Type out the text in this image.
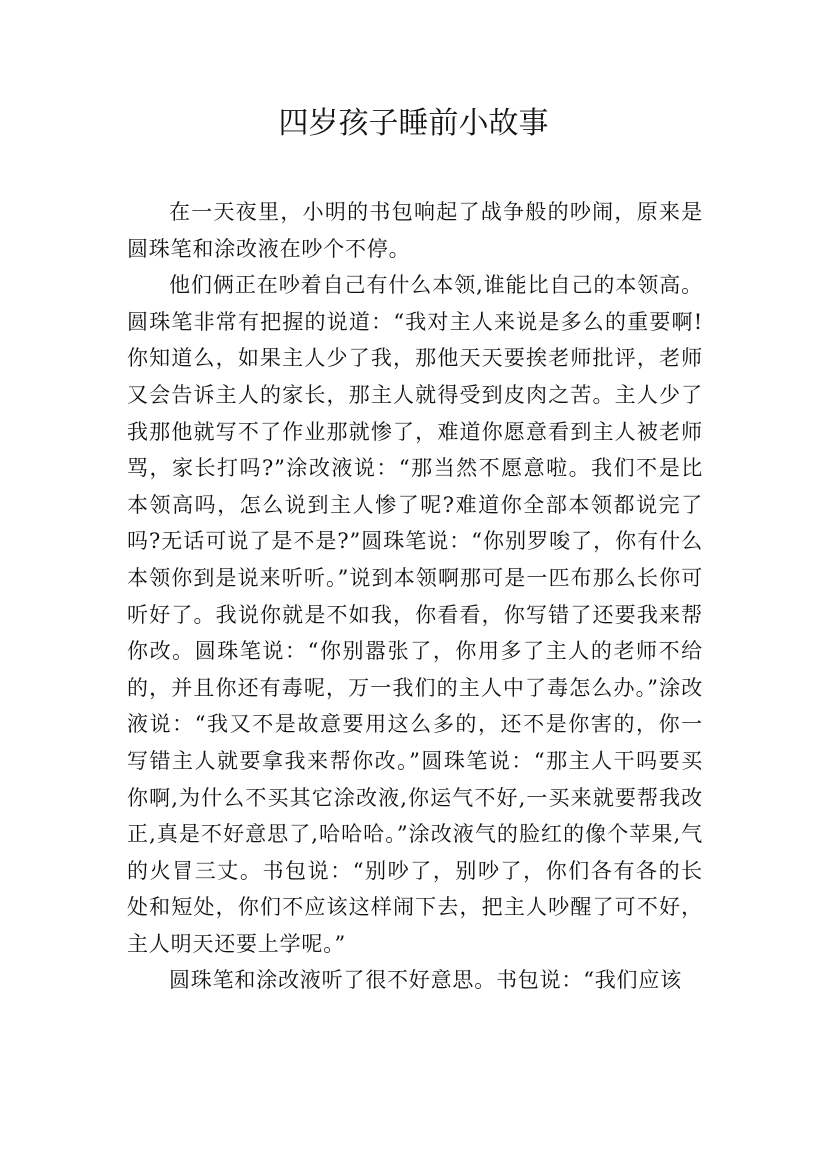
四岁孩子睡前小故事

在一天夜里，小明的书包响起了战争般的吵闹，原来是圆珠笔和涂改液在吵个不停。

他们俩正在吵着自己有什么本领,谁能比自己的本领高。圆珠笔非常有把握的说道：“我对主人来说是多么的重要啊!你知道么，如果主人少了我，那他天天要挨老师批评，老师又会告诉主人的家长，那主人就得受到皮肉之苦。主人少了我那他就写不了作业那就惨了，难道你愿意看到主人被老师骂，家长打吗?”涂改液说：“那当然不愿意啦。我们不是比本领高吗，怎么说到主人惨了呢?难道你全部本领都说完了吗?无话可说了是不是?”圆珠笔说：“你别罗唆了，你有什么本领你到是说来听听。”说到本领啊那可是一匹布那么长你可听好了。我说你就是不如我，你看看，你写错了还要我来帮你改。圆珠笔说：“你别嚣张了，你用多了主人的老师不给的，并且你还有毒呢，万一我们的主人中了毒怎么办。”涂改液说：“我又不是故意要用这么多的，还不是你害的，你一写错主人就要拿我来帮你改。”圆珠笔说：“那主人干吗要买你啊,为什么不买其它涂改液,你运气不好,一买来就要帮我改正,真是不好意思了,哈哈哈。”涂改液气的脸红的像个苹果,气的火冒三丈。书包说：“别吵了，别吵了，你们各有各的长处和短处，你们不应该这样闹下去，把主人吵醒了可不好，主人明天还要上学呢。”

圆珠笔和涂改液听了很不好意思。书包说：“我们应该
